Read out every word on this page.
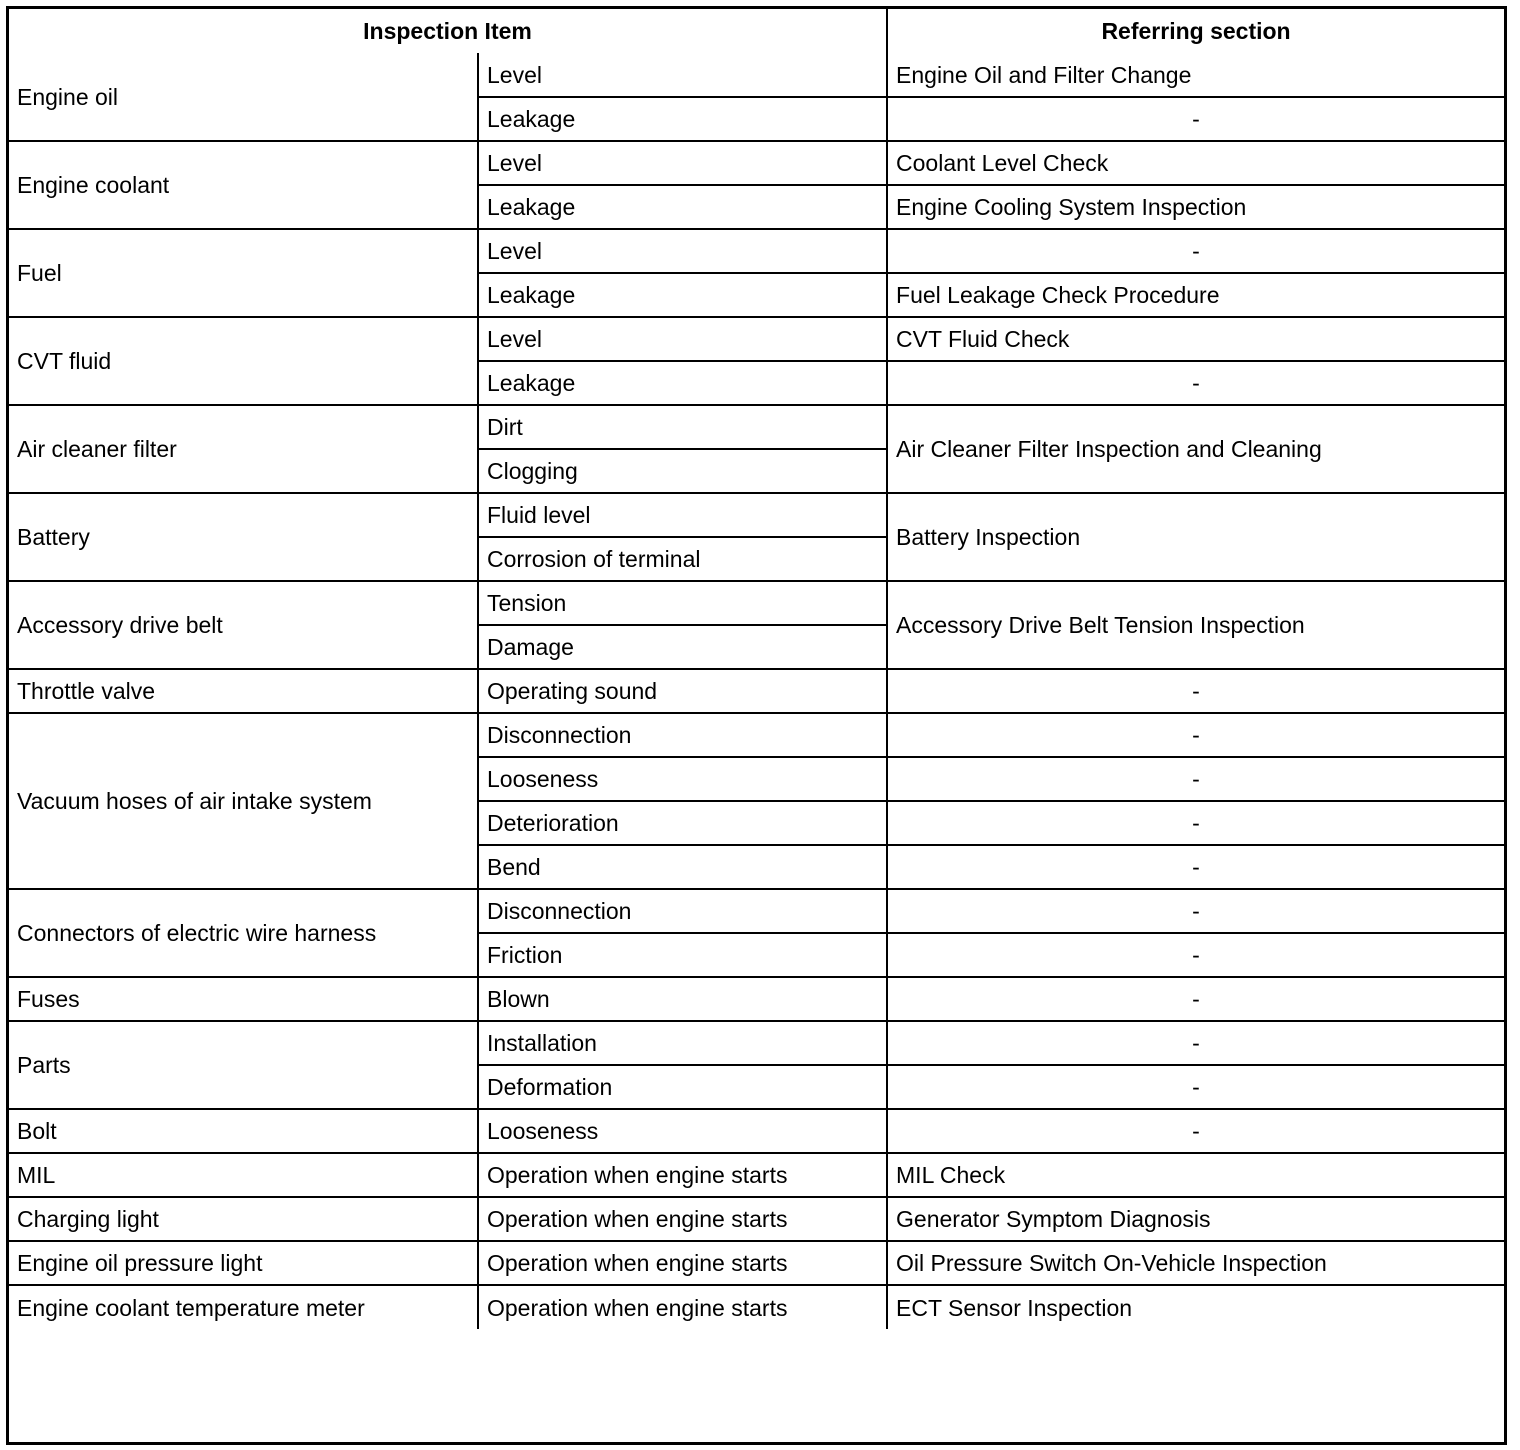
Inspection Item		Referring section
Engine oil	Level	Engine Oil and Filter Change
	Leakage	-
Engine coolant	Level	Coolant Level Check
	Leakage	Engine Cooling System Inspection
Fuel	Level	-
	Leakage	Fuel Leakage Check Procedure
CVT fluid	Level	CVT Fluid Check
	Leakage	-
Air cleaner filter	Dirt	Air Cleaner Filter Inspection and Cleaning
	Clogging	
Battery	Fluid level	Battery Inspection
	Corrosion of terminal	
Accessory drive belt	Tension	Accessory Drive Belt Tension Inspection
	Damage	
Throttle valve	Operating sound	-
Vacuum hoses of air intake system	Disconnection	-
	Looseness	-
	Deterioration	-
	Bend	-
Connectors of electric wire harness	Disconnection	-
	Friction	-
Fuses	Blown	-
Parts	Installation	-
	Deformation	-
Bolt	Looseness	-
MIL	Operation when engine starts	MIL Check
Charging light	Operation when engine starts	Generator Symptom Diagnosis
Engine oil pressure light	Operation when engine starts	Oil Pressure Switch On-Vehicle Inspection
Engine coolant temperature meter	Operation when engine starts	ECT Sensor Inspection
